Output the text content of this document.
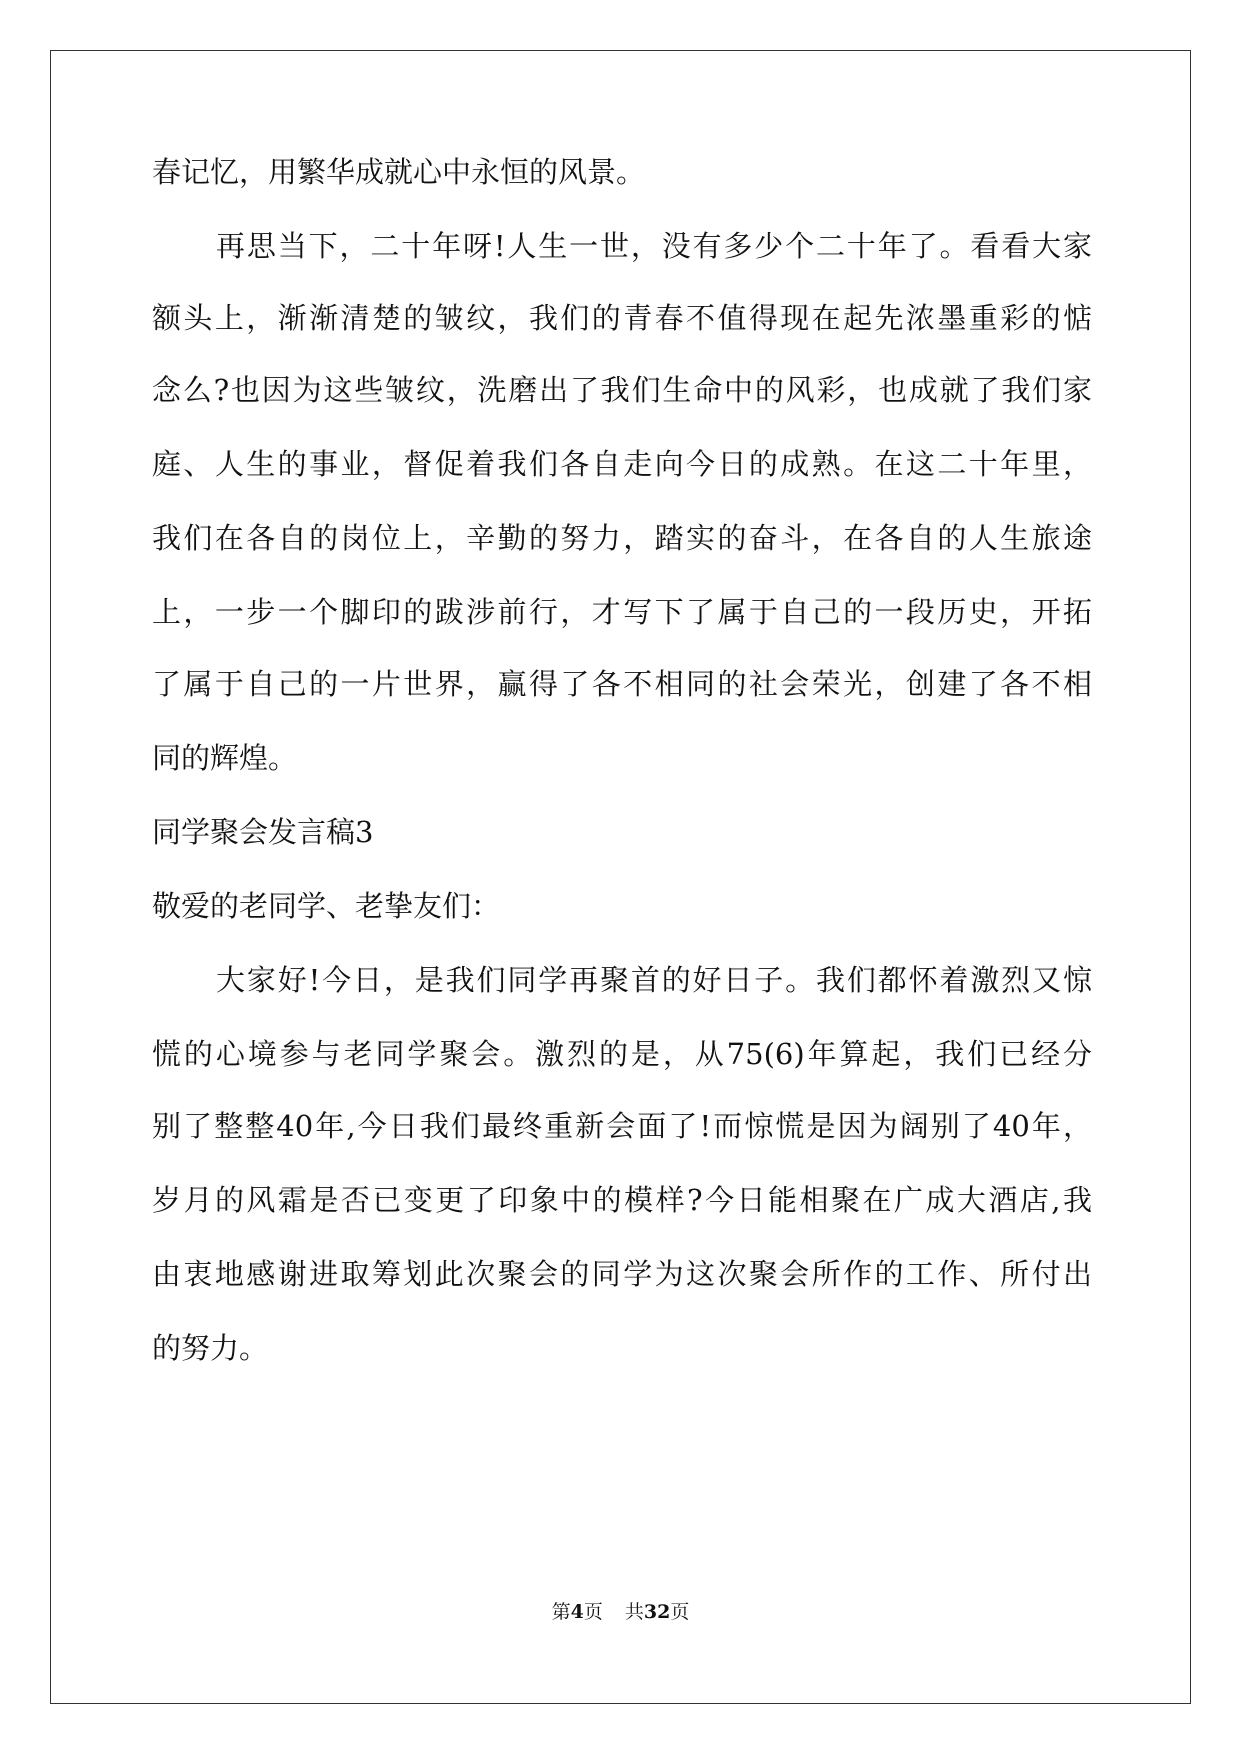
春记忆，用繁华成就心中永恒的风景。
再思当下，二十年呀!人生一世，没有多少个二十年了。看看大家
额头上，渐渐清楚的皱纹，我们的青春不值得现在起先浓墨重彩的惦
念么?也因为这些皱纹，洗磨出了我们生命中的风彩，也成就了我们家
庭、人生的事业，督促着我们各自走向今日的成熟。在这二十年里，
我们在各自的岗位上，辛勤的努力，踏实的奋斗，在各自的人生旅途
上，一步一个脚印的跋涉前行，才写下了属于自己的一段历史，开拓
了属于自己的一片世界，赢得了各不相同的社会荣光，创建了各不相
同的辉煌。
同学聚会发言稿3
敬爱的老同学、老挚友们：
大家好!今日，是我们同学再聚首的好日子。我们都怀着激烈又惊
慌的心境参与老同学聚会。激烈的是，从75(6)年算起，我们已经分
别了整整40年,今日我们最终重新会面了!而惊慌是因为阔别了40年，
岁月的风霜是否已变更了印象中的模样?今日能相聚在广成大酒店,我
由衷地感谢进取筹划此次聚会的同学为这次聚会所作的工作、所付出
的努力。
第4页 共32页
